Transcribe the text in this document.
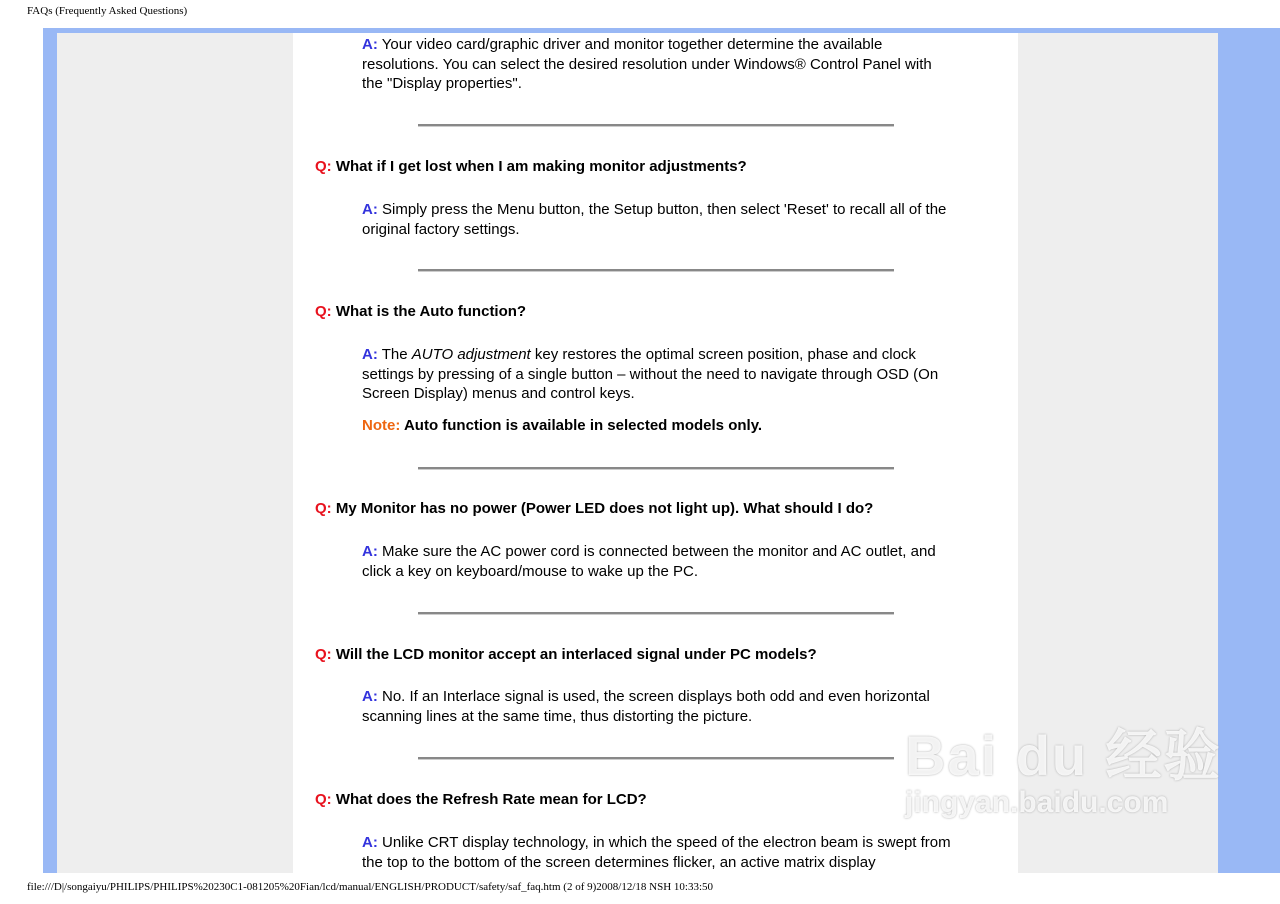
FAQs (Frequently Asked Questions)
A: Your video card/graphic driver and monitor together determine the available resolutions. You can select the desired resolution under Windows® Control Panel with the "Display properties".
Q: What if I get lost when I am making monitor adjustments?
A: Simply press the Menu button, the Setup button, then select 'Reset' to recall all of the original factory settings.
Q: What is the Auto function?
A: The AUTO adjustment key restores the optimal screen position, phase and clock settings by pressing of a single button – without the need to navigate through OSD (On Screen Display) menus and control keys.
Note: Auto function is available in selected models only.
Q: My Monitor has no power (Power LED does not light up). What should I do?
A: Make sure the AC power cord is connected between the monitor and AC outlet, and click a key on keyboard/mouse to wake up the PC.
Q: Will the LCD monitor accept an interlaced signal under PC models?
A: No. If an Interlace signal is used, the screen displays both odd and even horizontal scanning lines at the same time, thus distorting the picture.
Q: What does the Refresh Rate mean for LCD?
A: Unlike CRT display technology, in which the speed of the electron beam is swept from the top to the bottom of the screen determines flicker, an active matrix display
Bai du 经验
jingyan.baidu.com
file:///D|/songaiyu/PHILIPS/PHILIPS%20230C1-081205%20Fian/lcd/manual/ENGLISH/PRODUCT/safety/saf_faq.htm (2 of 9)2008/12/18 NSH 10:33:50
